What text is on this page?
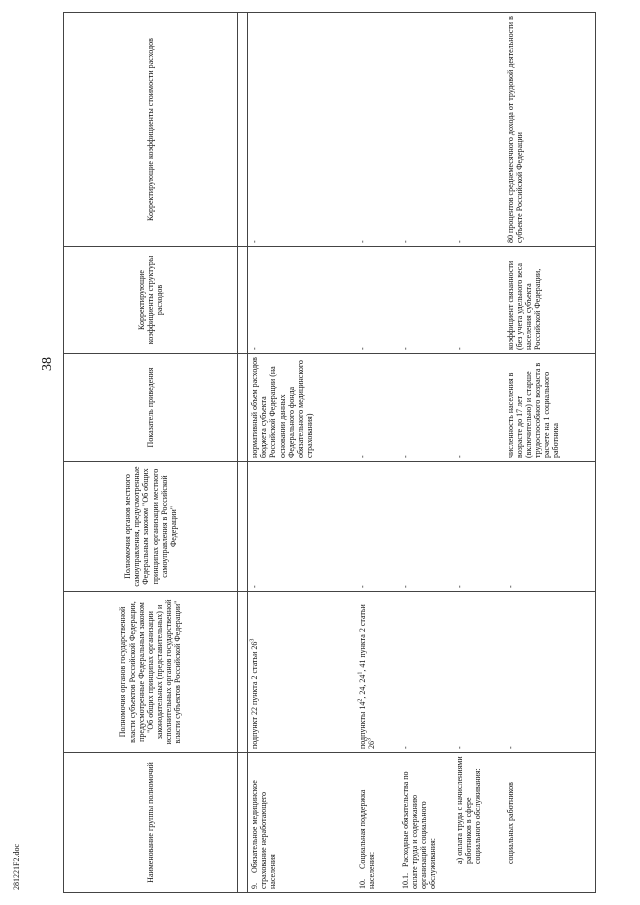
38
281221F2.doc	Наименование группы полномочий	Полномочия органов государственной власти субъектов Российской Федерации, предусмотренные Федеральным законом "Об общих принципах организации законодательных (представительных) и исполнительных органов государственной власти субъектов Российской Федерации"	Полномочия органов местного самоуправления, предусмотренные Федеральным законом "Об общих принципах организации местного самоуправления в Российской Федерации"	Показатель приведения	Корректирующие коэффициенты структуры расходов	Корректирующие коэффициенты стоимости расходов

9.     Обязательное медицинское страхование неработающего населения	подпункт 22 пункта 2 статьи $26^3$	-	нормативный объем расходов бюджета субъекта Российской Федерации (на основании данных Федерального фонда обязательного медицинского страхования)	-	-
10.     Социальная поддержка населения:	подпункты $14^2$, 24, $24^1$, 41 пункта 2 статьи $26^3$	-	-	-	-
10.1.   Расходные обязательства по оплате труда и содержанию организаций социального обслуживания:	-	-	-	-	-
а) оплата труда с начислениями работников в сфере социального обслуживания:	-	-	-	-	-
социальных работников	-	-	численность населения в возрасте до 17 лет (включительно) и старше трудоспособного возраста в расчете на 1 социального работника	коэффициент связанности (без учета удельного веса населения субъекта Российской Федерации,	80 процентов среднемесячного дохода от трудовой деятельности в субъекте Российской Федерации
